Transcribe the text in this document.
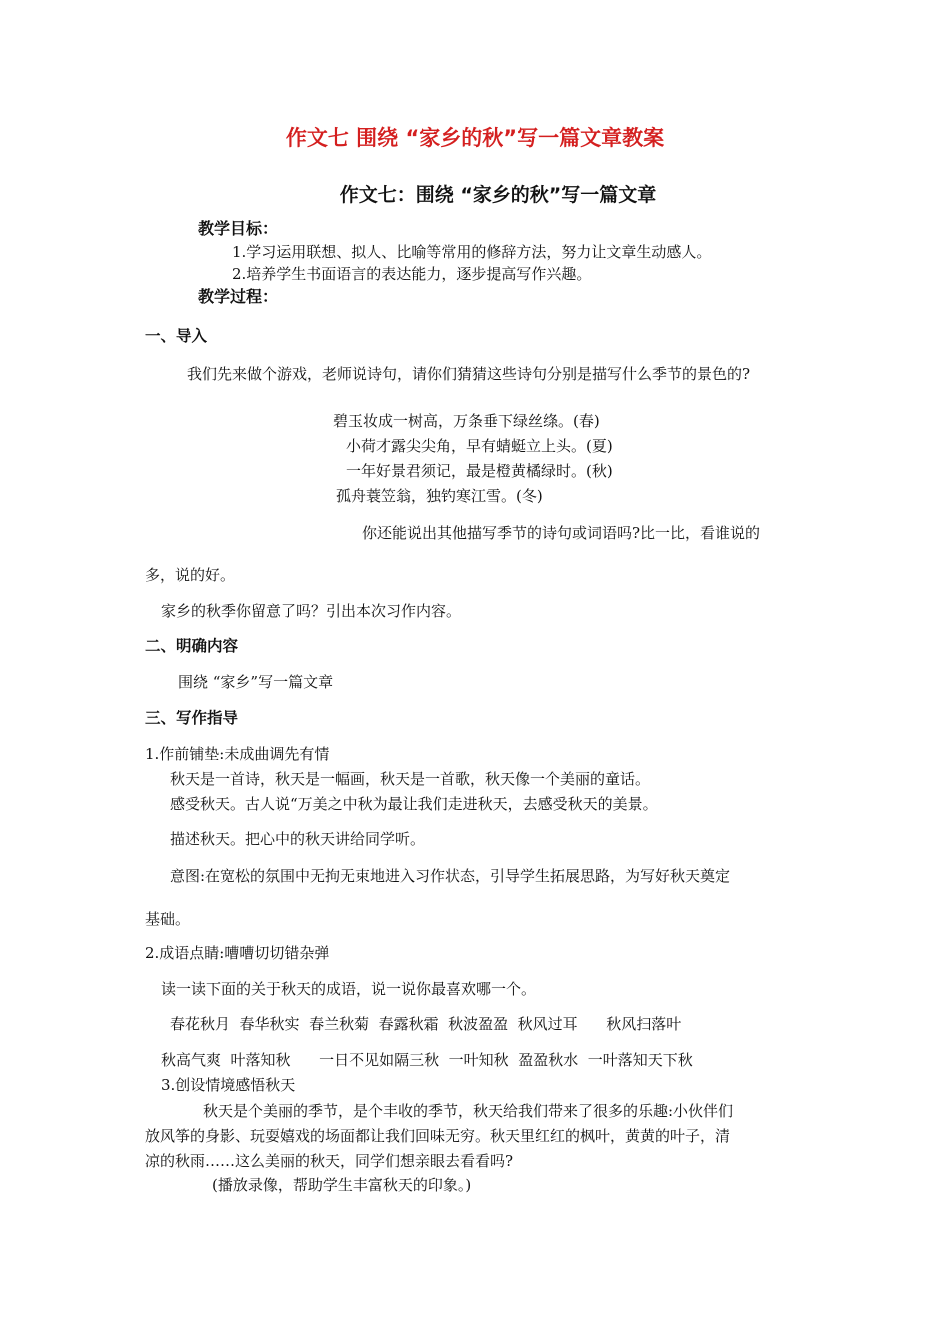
作文七 围绕 “家乡的秋”写一篇文章教案
作文七：围绕 “家乡的秋”写一篇文章
教学目标：
1.学习运用联想、拟人、比喻等常用的修辞方法，努力让文章生动感人。
2.培养学生书面语言的表达能力，逐步提高写作兴趣。
教学过程：
一、导入
我们先来做个游戏，老师说诗句，请你们猜猜这些诗句分别是描写什么季节的景色的?
碧玉妆成一树高，万条垂下绿丝绦。(春)
小荷才露尖尖角，早有蜻蜓立上头。(夏)
一年好景君须记，最是橙黄橘绿时。(秋)
孤舟蓑笠翁，独钓寒江雪。(冬)
你还能说出其他描写季节的诗句或词语吗?比一比，看谁说的
多，说的好。
家乡的秋季你留意了吗？引出本次习作内容。
二、明确内容
围绕 “家乡”写一篇文章
三、写作指导
1.作前铺垫:未成曲调先有情
秋天是一首诗，秋天是一幅画，秋天是一首歌，秋天像一个美丽的童话。
感受秋天。古人说“万美之中秋为最让我们走进秋天，去感受秋天的美景。
描述秋天。把心中的秋天讲给同学听。
意图:在宽松的氛围中无拘无束地进入习作状态，引导学生拓展思路，为写好秋天奠定
基础。
2.成语点睛:嘈嘈切切错杂弹
读一读下面的关于秋天的成语，说一说你最喜欢哪一个。
春花秋月  春华秋实  春兰秋菊  春露秋霜  秋波盈盈  秋风过耳      秋风扫落叶
秋高气爽  叶落知秋      一日不见如隔三秋  一叶知秋  盈盈秋水  一叶落知天下秋
3.创设情境感悟秋天
秋天是个美丽的季节，是个丰收的季节，秋天给我们带来了很多的乐趣:小伙伴们
放风筝的身影、玩耍嬉戏的场面都让我们回味无穷。秋天里红红的枫叶，黄黄的叶子，清
凉的秋雨……这么美丽的秋天，同学们想亲眼去看看吗?
(播放录像，帮助学生丰富秋天的印象。)
